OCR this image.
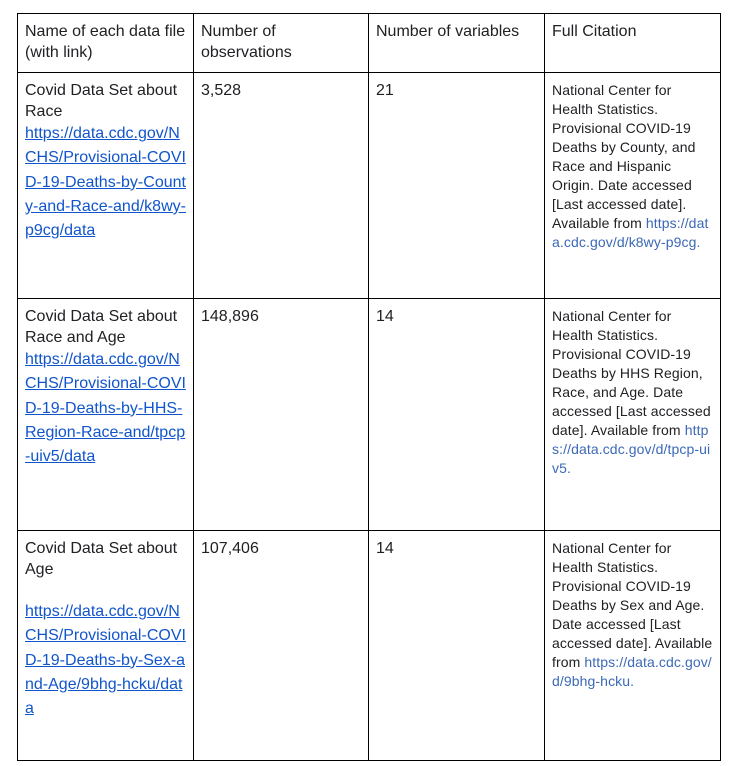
Name of each data file (with link)	Number of observations	Number of variables	Full Citation

Covid Data Set about Race
https://data.cdc.gov/NCHS/Provisional-COVID-19-Deaths-by-County-and-Race-and/k8wy-p9cg/data	3,528	21	National Center for Health Statistics. Provisional COVID-19 Deaths by County, and Race and Hispanic Origin. Date accessed [Last accessed date]. Available from https://data.cdc.gov/d/k8wy-p9cg.

Covid Data Set about Race and Age
https://data.cdc.gov/NCHS/Provisional-COVID-19-Deaths-by-HHS-Region-Race-and/tpcp-uiv5/data	148,896	14	National Center for Health Statistics. Provisional COVID-19 Deaths by HHS Region, Race, and Age. Date accessed [Last accessed date]. Available from https://data.cdc.gov/d/tpcp-uiv5.

Covid Data Set about Age
https://data.cdc.gov/NCHS/Provisional-COVID-19-Deaths-by-Sex-and-Age/9bhg-hcku/data	107,406	14	National Center for Health Statistics. Provisional COVID-19 Deaths by Sex and Age. Date accessed [Last accessed date]. Available from https://data.cdc.gov/d/9bhg-hcku.
